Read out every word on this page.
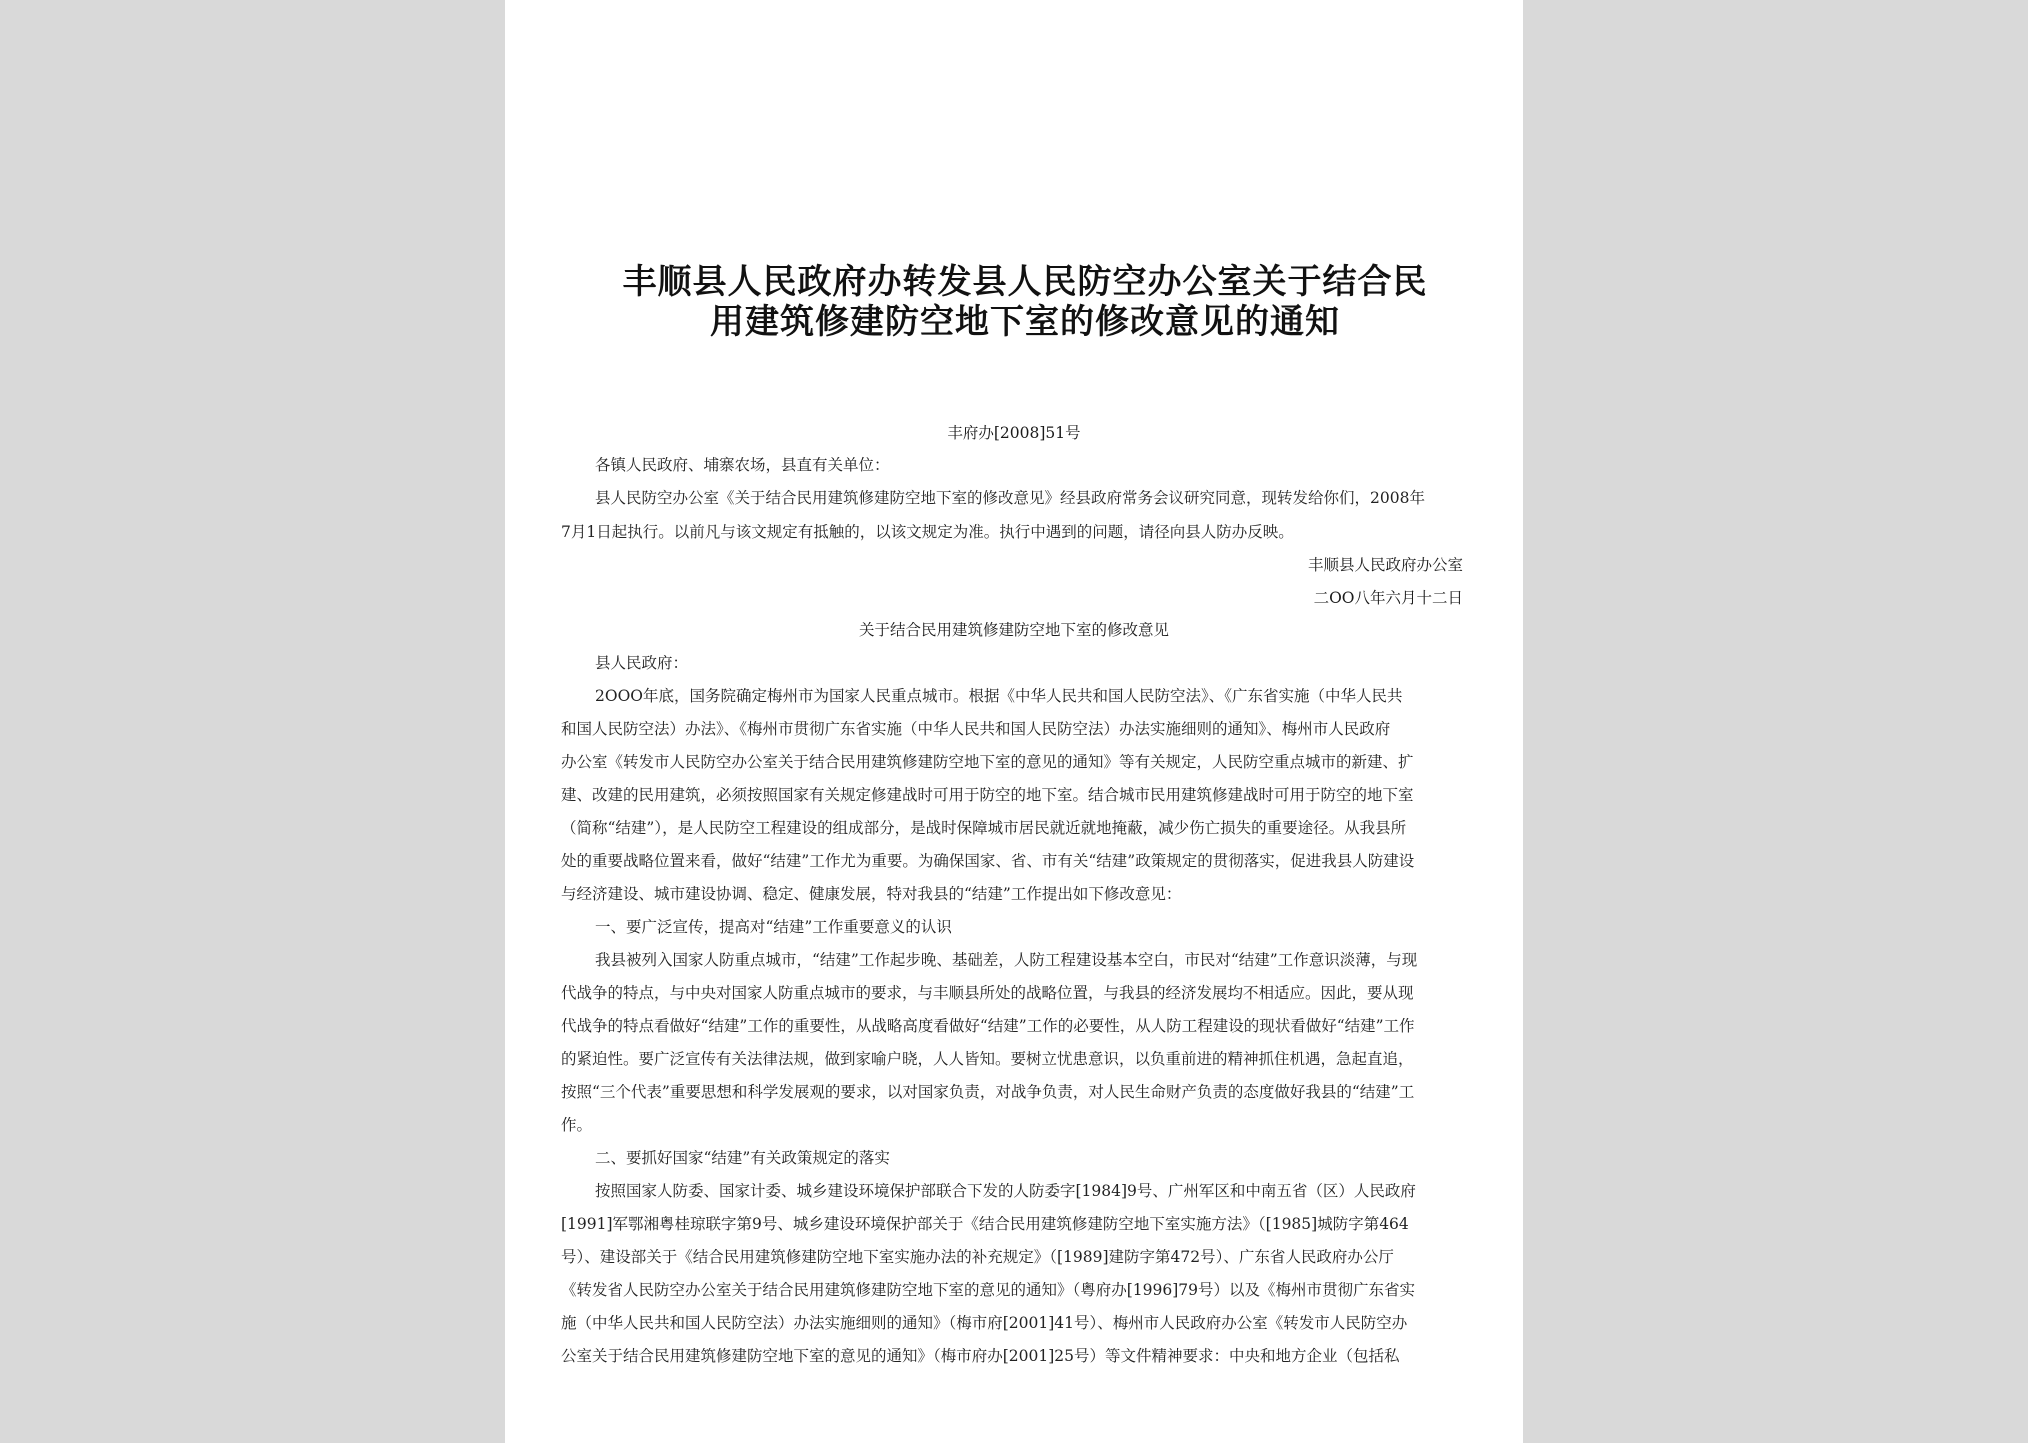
丰顺县人民政府办转发县人民防空办公室关于结合民
用建筑修建防空地下室的修改意见的通知
丰府办[2008]51号
各镇人民政府、埔寨农场，县直有关单位：
县人民防空办公室《关于结合民用建筑修建防空地下室的修改意见》经县政府常务会议研究同意，现转发给你们，2008年
7月1日起执行。以前凡与该文规定有抵触的，以该文规定为准。执行中遇到的问题，请径向县人防办反映。
丰顺县人民政府办公室
二OO八年六月十二日
关于结合民用建筑修建防空地下室的修改意见
县人民政府：
2OOO年底，国务院确定梅州市为国家人民重点城市。根据《中华人民共和国人民防空法》、《广东省实施（中华人民共
和国人民防空法）办法》、《梅州市贯彻广东省实施（中华人民共和国人民防空法）办法实施细则的通知》、梅州市人民政府
办公室《转发市人民防空办公室关于结合民用建筑修建防空地下室的意见的通知》等有关规定，人民防空重点城市的新建、扩
建、改建的民用建筑，必须按照国家有关规定修建战时可用于防空的地下室。结合城市民用建筑修建战时可用于防空的地下室
（简称“结建”），是人民防空工程建设的组成部分，是战时保障城市居民就近就地掩蔽，减少伤亡损失的重要途径。从我县所
处的重要战略位置来看，做好“结建”工作尤为重要。为确保国家、省、市有关“结建”政策规定的贯彻落实，促进我县人防建设
与经济建设、城市建设协调、稳定、健康发展，特对我县的“结建”工作提出如下修改意见：
一、要广泛宣传，提高对“结建”工作重要意义的认识
我县被列入国家人防重点城市，“结建”工作起步晚、基础差，人防工程建设基本空白，市民对“结建”工作意识淡薄，与现
代战争的特点，与中央对国家人防重点城市的要求，与丰顺县所处的战略位置，与我县的经济发展均不相适应。因此，要从现
代战争的特点看做好“结建”工作的重要性，从战略高度看做好“结建”工作的必要性，从人防工程建设的现状看做好“结建”工作
的紧迫性。要广泛宣传有关法律法规，做到家喻户晓，人人皆知。要树立忧患意识，以负重前进的精神抓住机遇，急起直追，
按照“三个代表”重要思想和科学发展观的要求，以对国家负责，对战争负责，对人民生命财产负责的态度做好我县的“结建”工
作。
二、要抓好国家“结建”有关政策规定的落实
按照国家人防委、国家计委、城乡建设环境保护部联合下发的人防委字[1984]9号、广州军区和中南五省（区）人民政府
[1991]军鄂湘粤桂琼联字第9号、城乡建设环境保护部关于《结合民用建筑修建防空地下室实施方法》（[1985]城防字第464
号）、建设部关于《结合民用建筑修建防空地下室实施办法的补充规定》（[1989]建防字第472号）、广东省人民政府办公厅
《转发省人民防空办公室关于结合民用建筑修建防空地下室的意见的通知》（粤府办[1996]79号）以及《梅州市贯彻广东省实
施（中华人民共和国人民防空法）办法实施细则的通知》（梅市府[2001]41号）、梅州市人民政府办公室《转发市人民防空办
公室关于结合民用建筑修建防空地下室的意见的通知》（梅市府办[2001]25号）等文件精神要求：中央和地方企业（包括私
